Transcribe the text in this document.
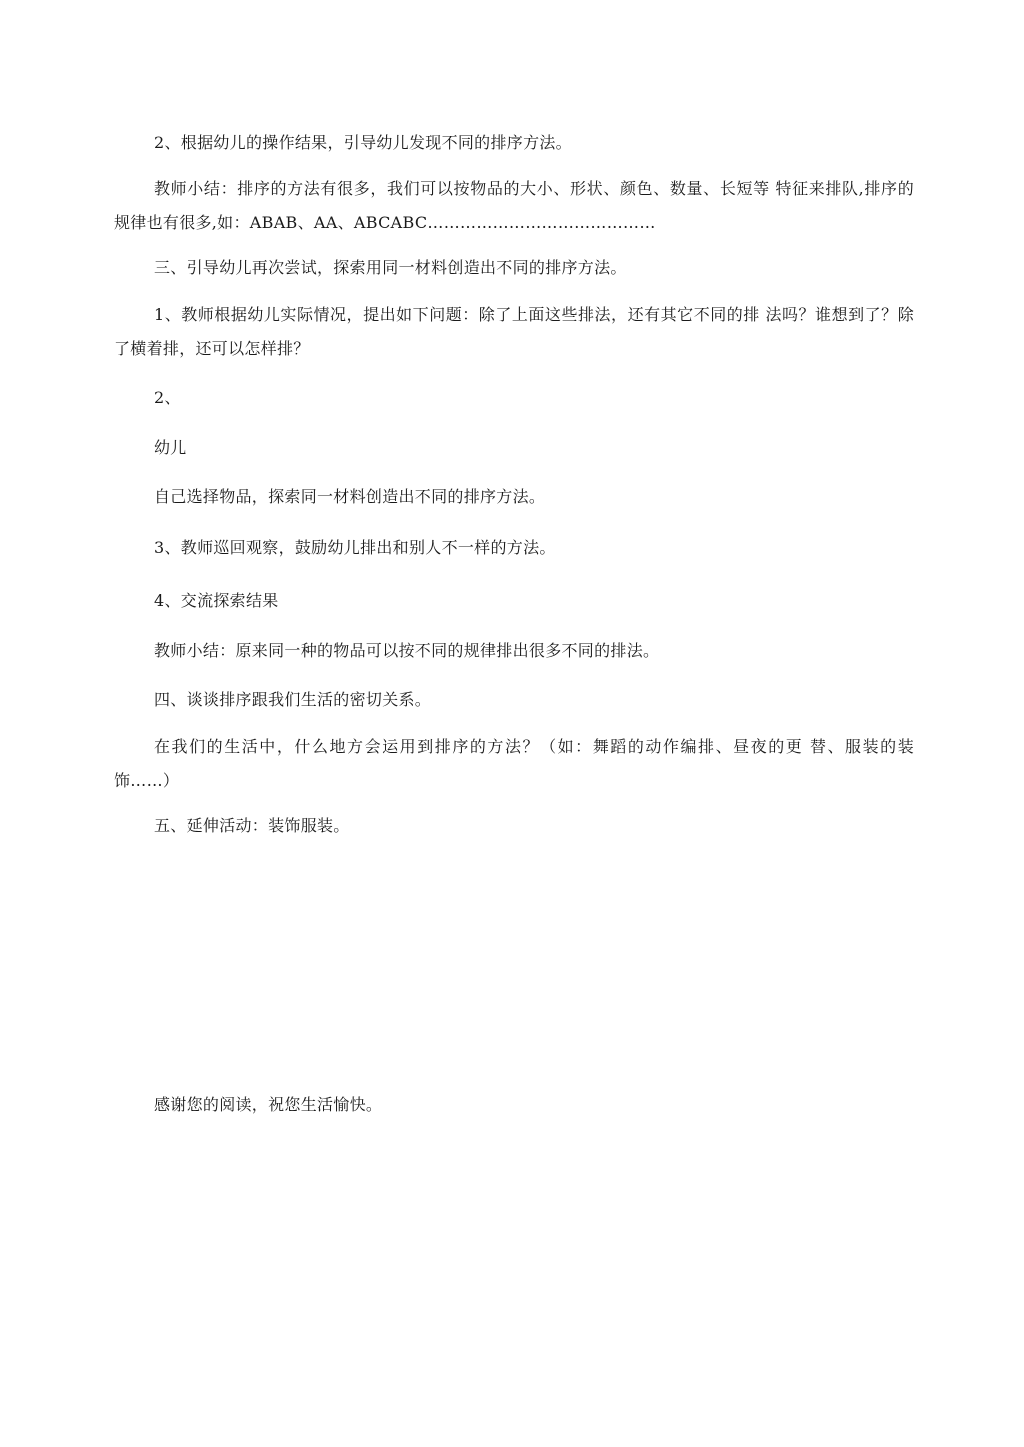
2、根据幼儿的操作结果，引导幼儿发现不同的排序方法。
教师小结：排序的方法有很多，我们可以按物品的大小、形状、颜色、数量、长短等 特征来排队,排序的规律也有很多,如：ABAB、AA、ABCABC……………………………………
三、引导幼儿再次尝试，探索用同一材料创造出不同的排序方法。
1、教师根据幼儿实际情况，提出如下问题：除了上面这些排法，还有其它不同的排 法吗？谁想到了？除了横着排，还可以怎样排？
2、
幼儿
自己选择物品，探索同一材料创造出不同的排序方法。
3、教师巡回观察，鼓励幼儿排出和别人不一样的方法。
4、交流探索结果
教师小结：原来同一种的物品可以按不同的规律排出很多不同的排法。
四、谈谈排序跟我们生活的密切关系。
在我们的生活中，什么地方会运用到排序的方法？（如：舞蹈的动作编排、昼夜的更 替、服装的装饰……）
五、延伸活动：装饰服装。
感谢您的阅读，祝您生活愉快。
